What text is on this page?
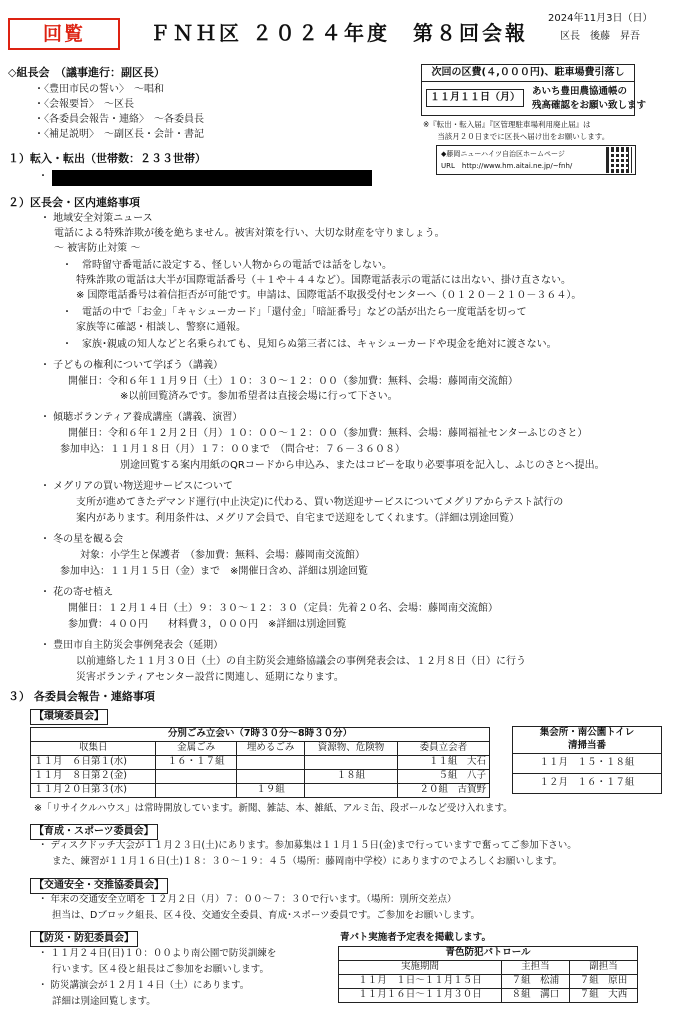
回覧	ＦＮＨ区 ２０２４年度　第８回会報
2024年11月3日（日）
区長　後藤　昇吾
次回の区費(４,０００円)、駐車場費引落し
１１月１１日（月）
あいち豊田農協通帳の
残高確認をお願い致します
※『転出・転入届』『区管理駐車場利用廃止届』は
当該月２０日までに区長へ届け出をお願いします。
◆藤岡ニューハイツ自治区ホームページ
URL　http://www.hm.aitai.ne.jp/~fnh/
◇組長会　（議事進行：副区長）
・〈豊田市民の誓い〉　～唱和
・〈会報要旨〉　～区長
・〈各委員会報告・連絡〉　～各委員長
・〈補足説明〉　～副区長・会計・書記
１）転入・転出（世帯数：２３３世帯）
・
２）区長会・区内連絡事項
・ 地域安全対策ニュース
電話による特殊詐欺が後を絶ちません。被害対策を行い、大切な財産を守りましょう。
～ 被害防止対策 ～
・　常時留守番電話に設定する、怪しい人物からの電話では話をしない。
特殊詐欺の電話は大半が国際電話番号（＋１や＋４４など）。国際電話表示の電話には出ない、掛け直さない。
※ 国際電話番号は着信拒否が可能です。申請は、国際電話不取扱受付センターへ（０１２０－２１０－３６４）。
・　電話の中で「お金」「キャシューカード」「還付金」「暗証番号」などの話が出たら一度電話を切って
家族等に確認・相談し、警察に通報。
・　家族･親戚の知人などと名乗られても、見知らぬ第三者には、キャシューカードや現金を絶対に渡さない。
・ 子どもの権利について学ぼう（講義）
開催日：令和６年１１月９日（土）１０：３０～１２：００（参加費：無料、会場：藤岡南交流館）
※以前回覧済みです。参加希望者は直接会場に行って下さい。
・ 傾聴ボランティア養成講座（講義、演習）
開催日：令和６年１２月２日（月）１０：００～１２：００（参加費：無料、会場：藤岡福祉センターふじのさと）
参加申込：１１月１８日（月）１７：００まで　（問合せ：７６－３６０８）
別途回覧する案内用紙のQRコードから申込み、またはコピーを取り必要事項を記入し、ふじのさとへ提出。
・ メグリアの買い物送迎サービスについて
支所が進めてきたデマンド運行(中止決定)に代わる、買い物送迎サービスについてメグリアからテスト試行の
案内があります。利用条件は、メグリア会員で、自宅まで送迎をしてくれます。（詳細は別途回覧）
・ 冬の星を観る会
対象：小学生と保護者　（参加費：無料、会場：藤岡南交流館）
参加申込：１１月１５日（金）まで　※開催日含め、詳細は別途回覧
・ 花の寄せ植え
開催日：１２月１４日（土）９：３０～１２：３０（定員：先着２０名、会場：藤岡南交流館）
参加費：４００円　　材料費３，０００円　※詳細は別途回覧
・ 豊田市自主防災会事例発表会（延期）
以前連絡した１１月３０日（土）の自主防災会連絡協議会の事例発表会は、１２月８日（日）に行う
災害ボランティアセンター設営に関連し、延期になります。
３） 各委員会報告・連絡事項
【環境委員会】
分別ごみ立会い（7時３０分～8時３０分）				
収集日	金属ごみ	埋めるごみ	資源物、危険物	委員立会者
１１月　６日第１(水)	１６・１７組			１１組　大石
１１月　８日第２(金)			１８組	５組　八子
１１月２０日第３(水)		１９組		２０組　古賀野
集会所・南公園トイレ
清掃当番
１１月　１５・１８組
１２月　１６・１７組
※「リサイクルハウス」は常時開放しています。新聞、雑誌、本、雑紙、アルミ缶、段ボールなど受け入れます。
【育成・スポーツ委員会】
・ ディスクドッチ大会が１１月２３日(土)にあります。参加募集は１１月１５日(金)まで行っていますで奮ってご参加下さい。
また、練習が１１月１６日(土)１８：３０～１９：４５（場所：藤岡南中学校）にありますのでよろしくお願いします。
【交通安全・交推協委員会】
・ 年末の交通安全立哨を １２月２日（月）７：００～７：３０で行います。（場所：別所交差点）
担当は、Dブロック組長、区４役、交通安全委員、育成･スポーツ委員です。ご参加をお願いします。
【防災・防犯委員会】
・ １１月２４日(日)１０：００より南公園で防災訓練を
行います。区４役と組長はご参加をお願いします。
・ 防災講演会が１２月１４日（土）にあります。
詳細は別途回覧します。
青パト実施者予定表を掲載します。
青色防犯パトロール		
実施期間	主担当	副担当
１１月　１日～１１月１５日	７組　松浦	７組　原田
１１月１６日～１１月３０日	８組　溝口	７組　大西
